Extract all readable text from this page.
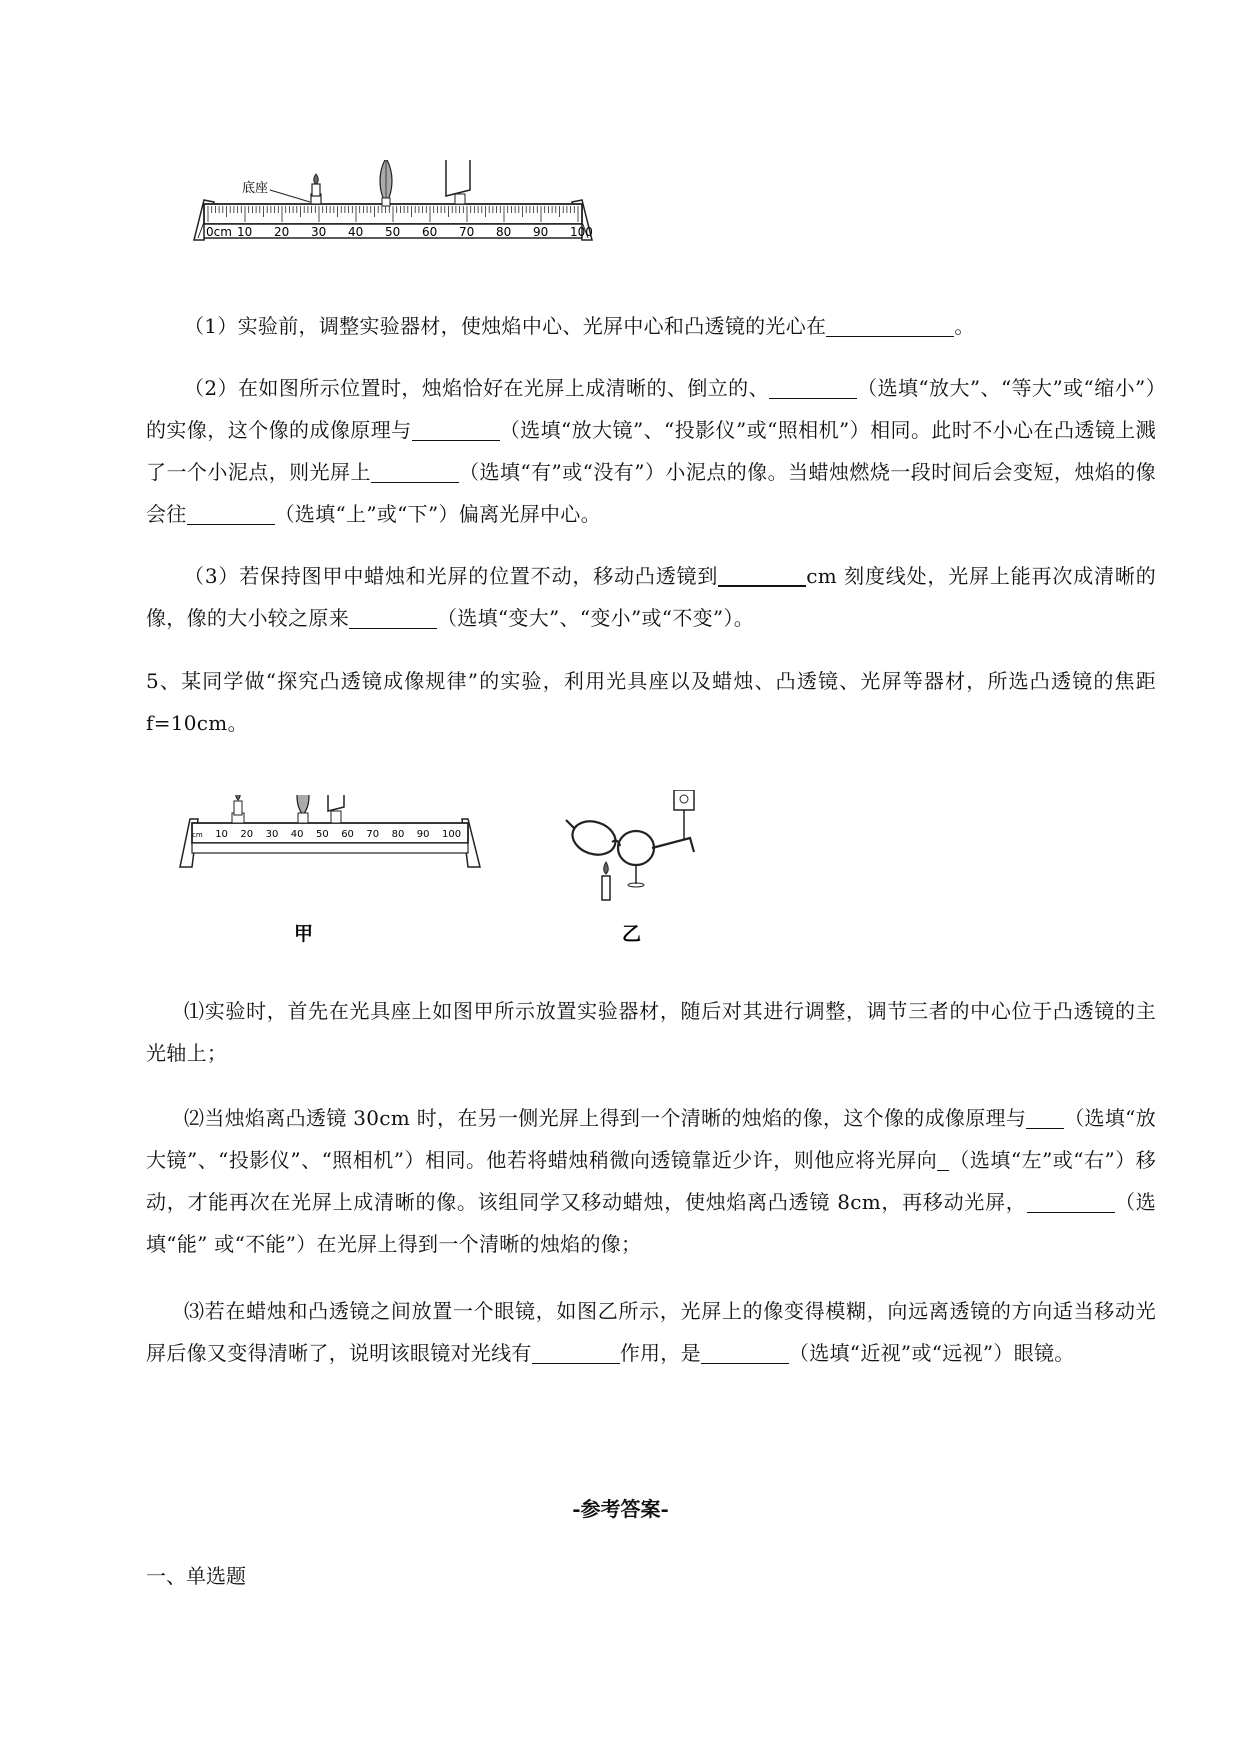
底座
0cm 10 20 30 40 50 60 70 80 90 100
（1）实验前，调整实验器材，使烛焰中心、光屏中心和凸透镜的光心在	。
（2）在如图所示位置时，烛焰恰好在光屏上成清晰的、倒立的、	（选填“放大”、“等大”或“缩小”）的实像，这个像的成像原理与	（选填“放大镜”、“投影仪”或“照相机”）相同。此时不小心在凸透镜上溅了一个小泥点，则光屏上	（选填“有”或“没有”）小泥点的像。当蜡烛燃烧一段时间后会变短，烛焰的像会往	（选填“上”或“下”）偏离光屏中心。
（3）若保持图甲中蜡烛和光屏的位置不动，移动凸透镜到	cm 刻度线处，光屏上能再次成清晰的像，像的大小较之原来	（选填“变大”、“变小”或“不变”）。
5、某同学做“探究凸透镜成像规律”的实验，利用光具座以及蜡烛、凸透镜、光屏等器材，所选凸透镜的焦距 f=10cm。
cm 10 20 30 40 50 60 70 80 90 100
甲	乙
⑴实验时，首先在光具座上如图甲所示放置实验器材，随后对其进行调整，调节三者的中心位于凸透镜的主光轴上；
⑵当烛焰离凸透镜 30cm 时，在另一侧光屏上得到一个清晰的烛焰的像，这个像的成像原理与 （选填“放大镜”、“投影仪”、“照相机”）相同。他若将蜡烛稍微向透镜靠近少许，则他应将光屏向 （选填“左”或“右”）移动，才能再次在光屏上成清晰的像。该组同学又移动蜡烛，使烛焰离凸透镜 8cm，再移动光屏，	（选填“能” 或“不能”）在光屏上得到一个清晰的烛焰的像；
⑶若在蜡烛和凸透镜之间放置一个眼镜，如图乙所示，光屏上的像变得模糊，向远离透镜的方向适当移动光屏后像又变得清晰了，说明该眼镜对光线有	作用，是	（选填“近视”或“远视”）眼镜。
-参考答案-
一、单选题
